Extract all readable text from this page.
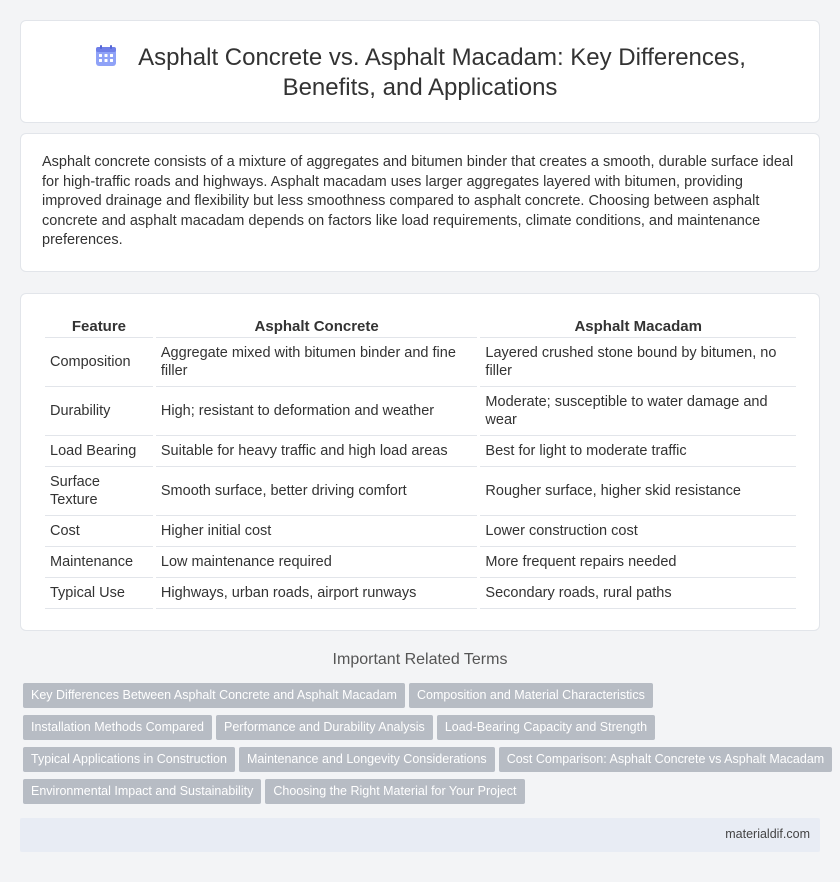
Asphalt Concrete vs. Asphalt Macadam: Key Differences, Benefits, and Applications

Asphalt concrete consists of a mixture of aggregates and bitumen binder that creates a smooth, durable surface ideal for high-traffic roads and highways. Asphalt macadam uses larger aggregates layered with bitumen, providing improved drainage and flexibility but less smoothness compared to asphalt concrete. Choosing between asphalt concrete and asphalt macadam depends on factors like load requirements, climate conditions, and maintenance preferences.

Feature	Asphalt Concrete	Asphalt Macadam
Composition	Aggregate mixed with bitumen binder and fine filler	Layered crushed stone bound by bitumen, no filler
Durability	High; resistant to deformation and weather	Moderate; susceptible to water damage and wear
Load Bearing	Suitable for heavy traffic and high load areas	Best for light to moderate traffic
Surface Texture	Smooth surface, better driving comfort	Rougher surface, higher skid resistance
Cost	Higher initial cost	Lower construction cost
Maintenance	Low maintenance required	More frequent repairs needed
Typical Use	Highways, urban roads, airport runways	Secondary roads, rural paths
Important Related Terms
Key Differences Between Asphalt Concrete and Asphalt Macadam Composition and Material Characteristics
Installation Methods Compared Performance and Durability Analysis Load-Bearing Capacity and Strength
Typical Applications in Construction Maintenance and Longevity Considerations Cost Comparison: Asphalt Concrete vs Asphalt Macadam
Environmental Impact and Sustainability Choosing the Right Material for Your Project
materialdif.com
